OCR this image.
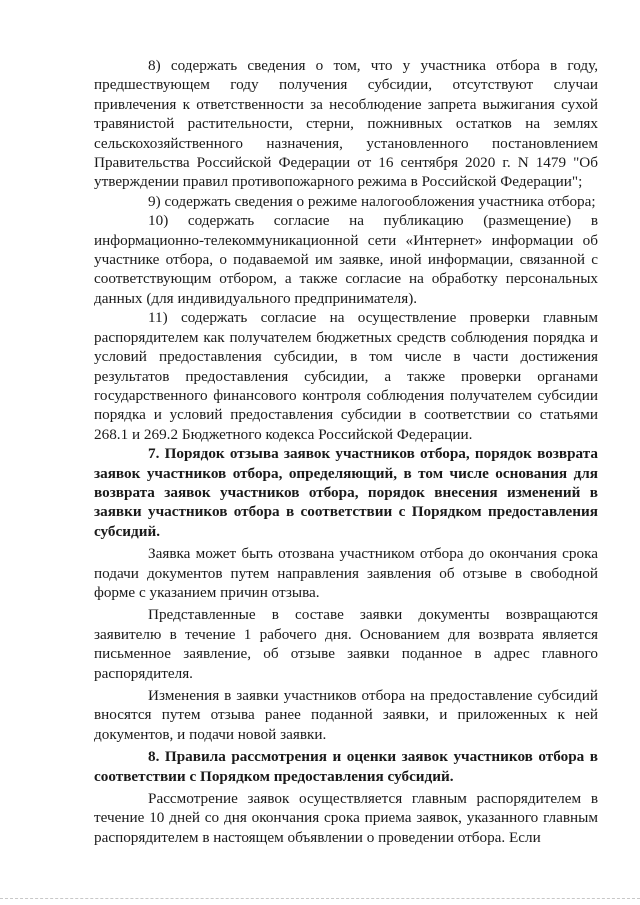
8) содержать сведения о том, что у участника отбора в году, предшествующем году получения субсидии, отсутствуют случаи привлечения к ответственности за несоблюдение запрета выжигания сухой травянистой растительности, стерни, пожнивных остатков на землях сельскохозяйственного назначения, установленного постановлением Правительства Российской Федерации от 16 сентября 2020 г. N 1479 "Об утверждении правил противопожарного режима в Российской Федерации";

9) содержать сведения о режиме налогообложения участника отбора;

10) содержать согласие на публикацию (размещение) в информационно-телекоммуникационной сети «Интернет» информации об участнике отбора, о подаваемой им заявке, иной информации, связанной с соответствующим отбором, а также согласие на обработку персональных данных (для индивидуального предпринимателя).

11) содержать согласие на осуществление проверки главным распорядителем как получателем бюджетных средств соблюдения порядка и условий предоставления субсидии, в том числе в части достижения результатов предоставления субсидии, а также проверки органами государственного финансового контроля соблюдения получателем субсидии порядка и условий предоставления субсидии в соответствии со статьями 268.1 и 269.2 Бюджетного кодекса Российской Федерации.

7. Порядок отзыва заявок участников отбора, порядок возврата заявок участников отбора, определяющий, в том числе основания для возврата заявок участников отбора, порядок внесения изменений в заявки участников отбора в соответствии с Порядком предоставления субсидий.

Заявка может быть отозвана участником отбора до окончания срока подачи документов путем направления заявления об отзыве в свободной форме с указанием причин отзыва.

Представленные в составе заявки документы возвращаются заявителю в течение 1 рабочего дня. Основанием для возврата является письменное заявление, об отзыве заявки поданное в адрес главного распорядителя.

Изменения в заявки участников отбора на предоставление субсидий вносятся путем отзыва ранее поданной заявки, и приложенных к ней документов, и подачи новой заявки.

8. Правила рассмотрения и оценки заявок участников отбора в соответствии с Порядком предоставления субсидий.

Рассмотрение заявок осуществляется главным распорядителем в течение 10 дней со дня окончания срока приема заявок, указанного главным распорядителем в настоящем объявлении о проведении отбора. Если
